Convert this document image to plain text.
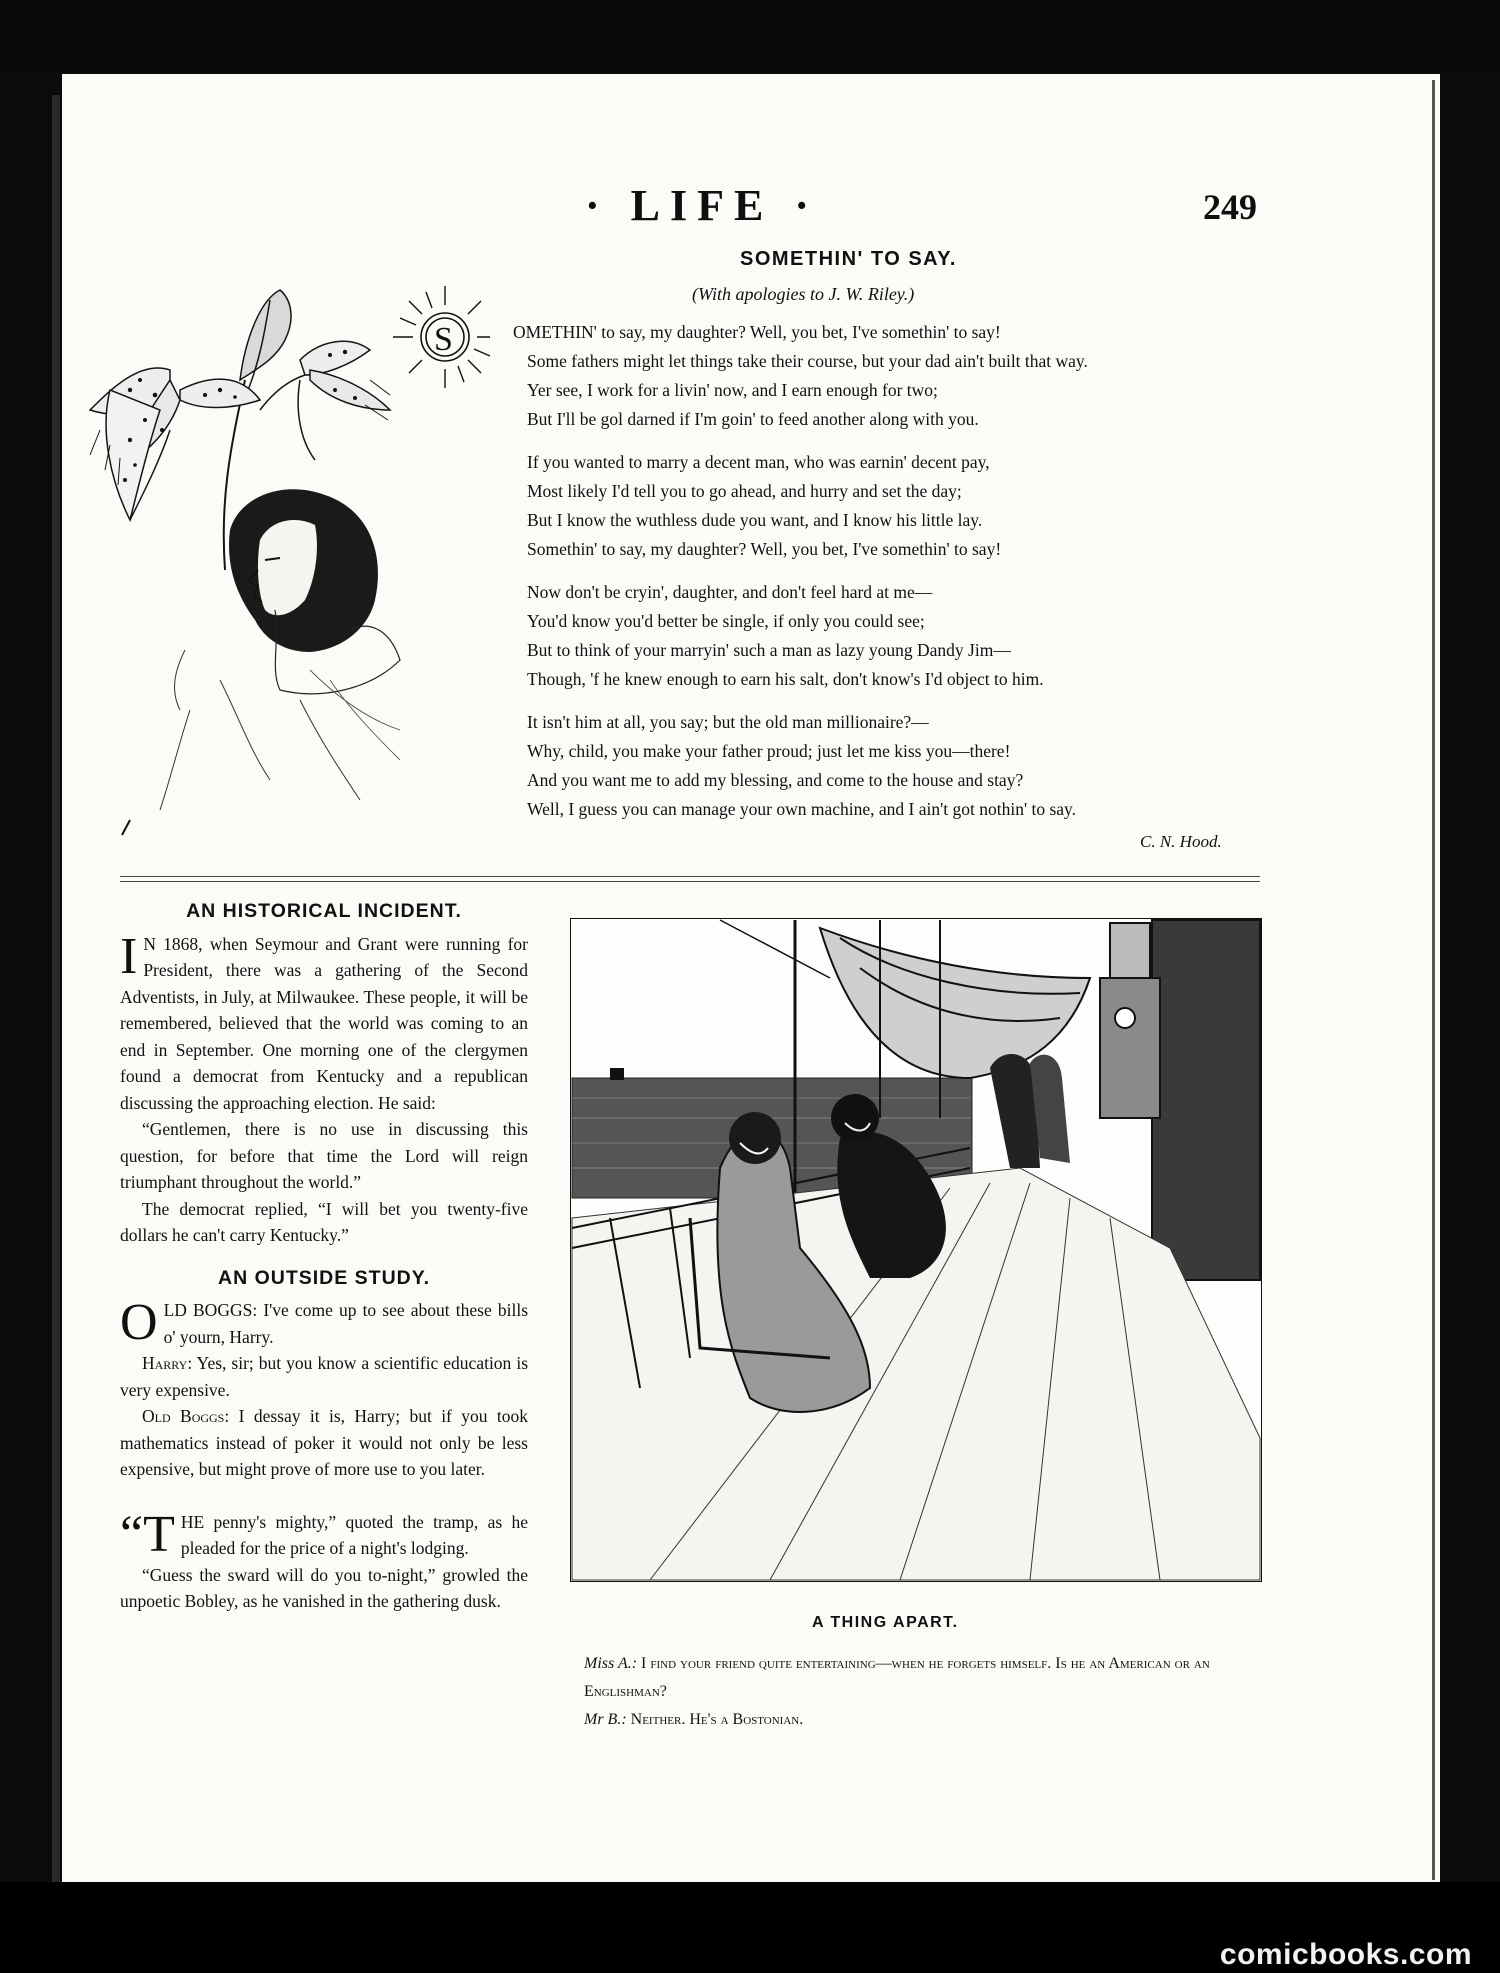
· LIFE ·	249
S
SOMETHIN' TO SAY.
(With apologies to J. W. Riley.)
OMETHIN' to say, my daughter? Well, you bet, I've somethin' to say!
Some fathers might let things take their course, but your dad ain't built that way.
Yer see, I work for a livin' now, and I earn enough for two;
But I'll be gol darned if I'm goin' to feed another along with you.
If you wanted to marry a decent man, who was earnin' decent pay,
Most likely I'd tell you to go ahead, and hurry and set the day;
But I know the wuthless dude you want, and I know his little lay.
Somethin' to say, my daughter? Well, you bet, I've somethin' to say!
Now don't be cryin', daughter, and don't feel hard at me—
You'd know you'd better be single, if only you could see;
But to think of your marryin' such a man as lazy young Dandy Jim—
Though, 'f he knew enough to earn his salt, don't know's I'd object to him.
It isn't him at all, you say; but the old man millionaire?—
Why, child, you make your father proud; just let me kiss you—there!
And you want me to add my blessing, and come to the house and stay?
Well, I guess you can manage your own machine, and I ain't got nothin' to say.
C. N. Hood.
AN HISTORICAL INCIDENT.

I N 1868, when Seymour and Grant were running for President, there was a gathering of the Second Adventists, in July, at Milwaukee. These people, it will be remembered, believed that the world was coming to an end in September. One morning one of the clergymen found a democrat from Kentucky and a republican discussing the approaching election. He said:

“Gentlemen, there is no use in discussing this question, for before that time the Lord will reign triumphant throughout the world.”

The democrat replied, “I will bet you twenty-five dollars he can't carry Kentucky.”

AN OUTSIDE STUDY.

O LD BOGGS: I've come up to see about these bills o' yourn, Harry.

Harry: Yes, sir; but you know a scientific education is very expensive.

Old Boggs: I dessay it is, Harry; but if you took mathematics instead of poker it would not only be less expensive, but might prove of more use to you later.

“T HE penny's mighty,” quoted the tramp, as he pleaded for the price of a night's lodging.

“Guess the sward will do you to-night,” growled the unpoetic Bobley, as he vanished in the gathering dusk.

A THING APART.
Miss A.: I find your friend quite entertaining—when he forgets himself. Is he an American or an Englishman?
Mr B.: Neither. He's a Bostonian.
comicbooks.com
